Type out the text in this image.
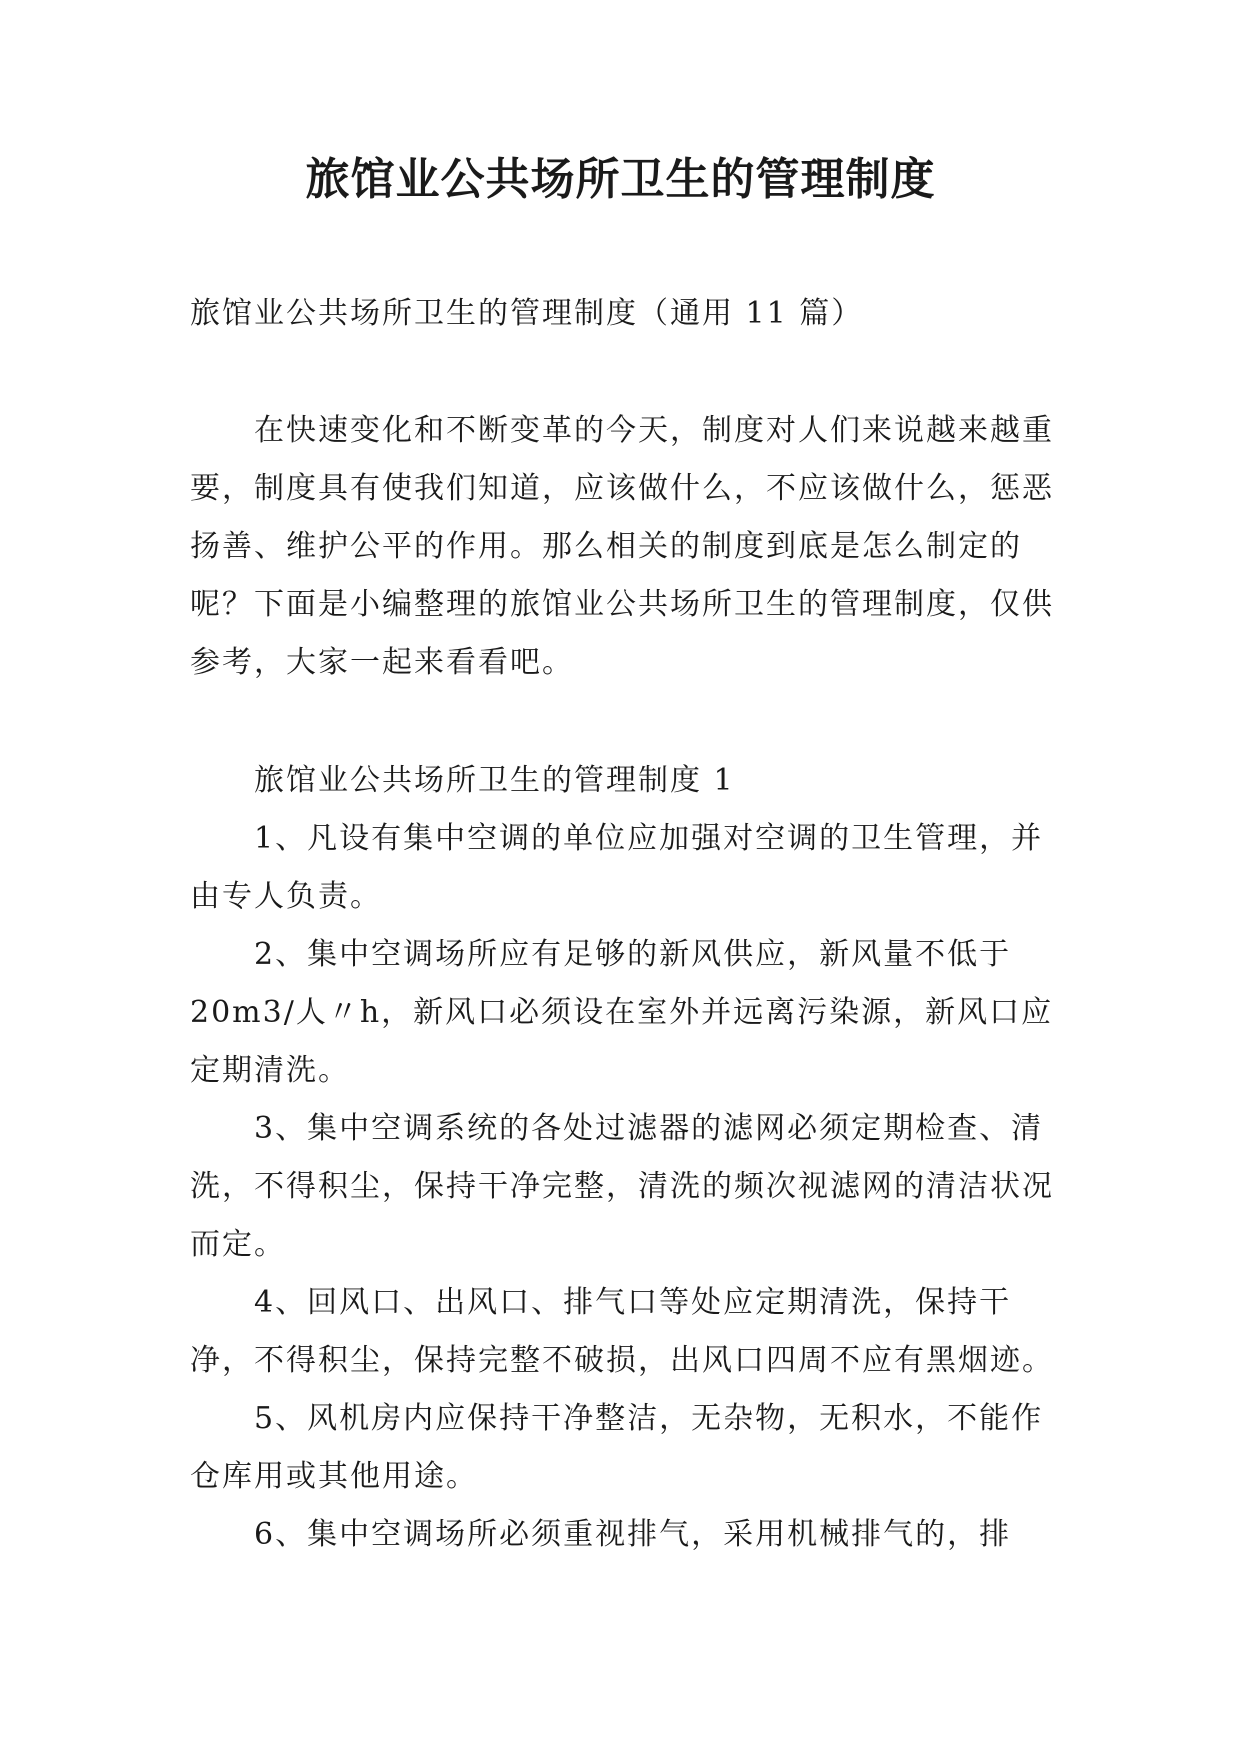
旅馆业公共场所卫生的管理制度

旅馆业公共场所卫生的管理制度（通用 11 篇）

在快速变化和不断变革的今天，制度对人们来说越来越重要，制度具有使我们知道，应该做什么，不应该做什么，惩恶扬善、维护公平的作用。那么相关的制度到底是怎么制定的呢？下面是小编整理的旅馆业公共场所卫生的管理制度，仅供参考，大家一起来看看吧。

旅馆业公共场所卫生的管理制度 1

1、凡设有集中空调的单位应加强对空调的卫生管理，并由专人负责。

2、集中空调场所应有足够的新风供应，新风量不低于20m3/人〃h，新风口必须设在室外并远离污染源，新风口应定期清洗。

3、集中空调系统的各处过滤器的滤网必须定期检查、清洗，不得积尘，保持干净完整，清洗的频次视滤网的清洁状况而定。

4、回风口、出风口、排气口等处应定期清洗，保持干净，不得积尘，保持完整不破损，出风口四周不应有黑烟迹。

5、风机房内应保持干净整洁，无杂物，无积水，不能作仓库用或其他用途。

6、集中空调场所必须重视排气，采用机械排气的，排
